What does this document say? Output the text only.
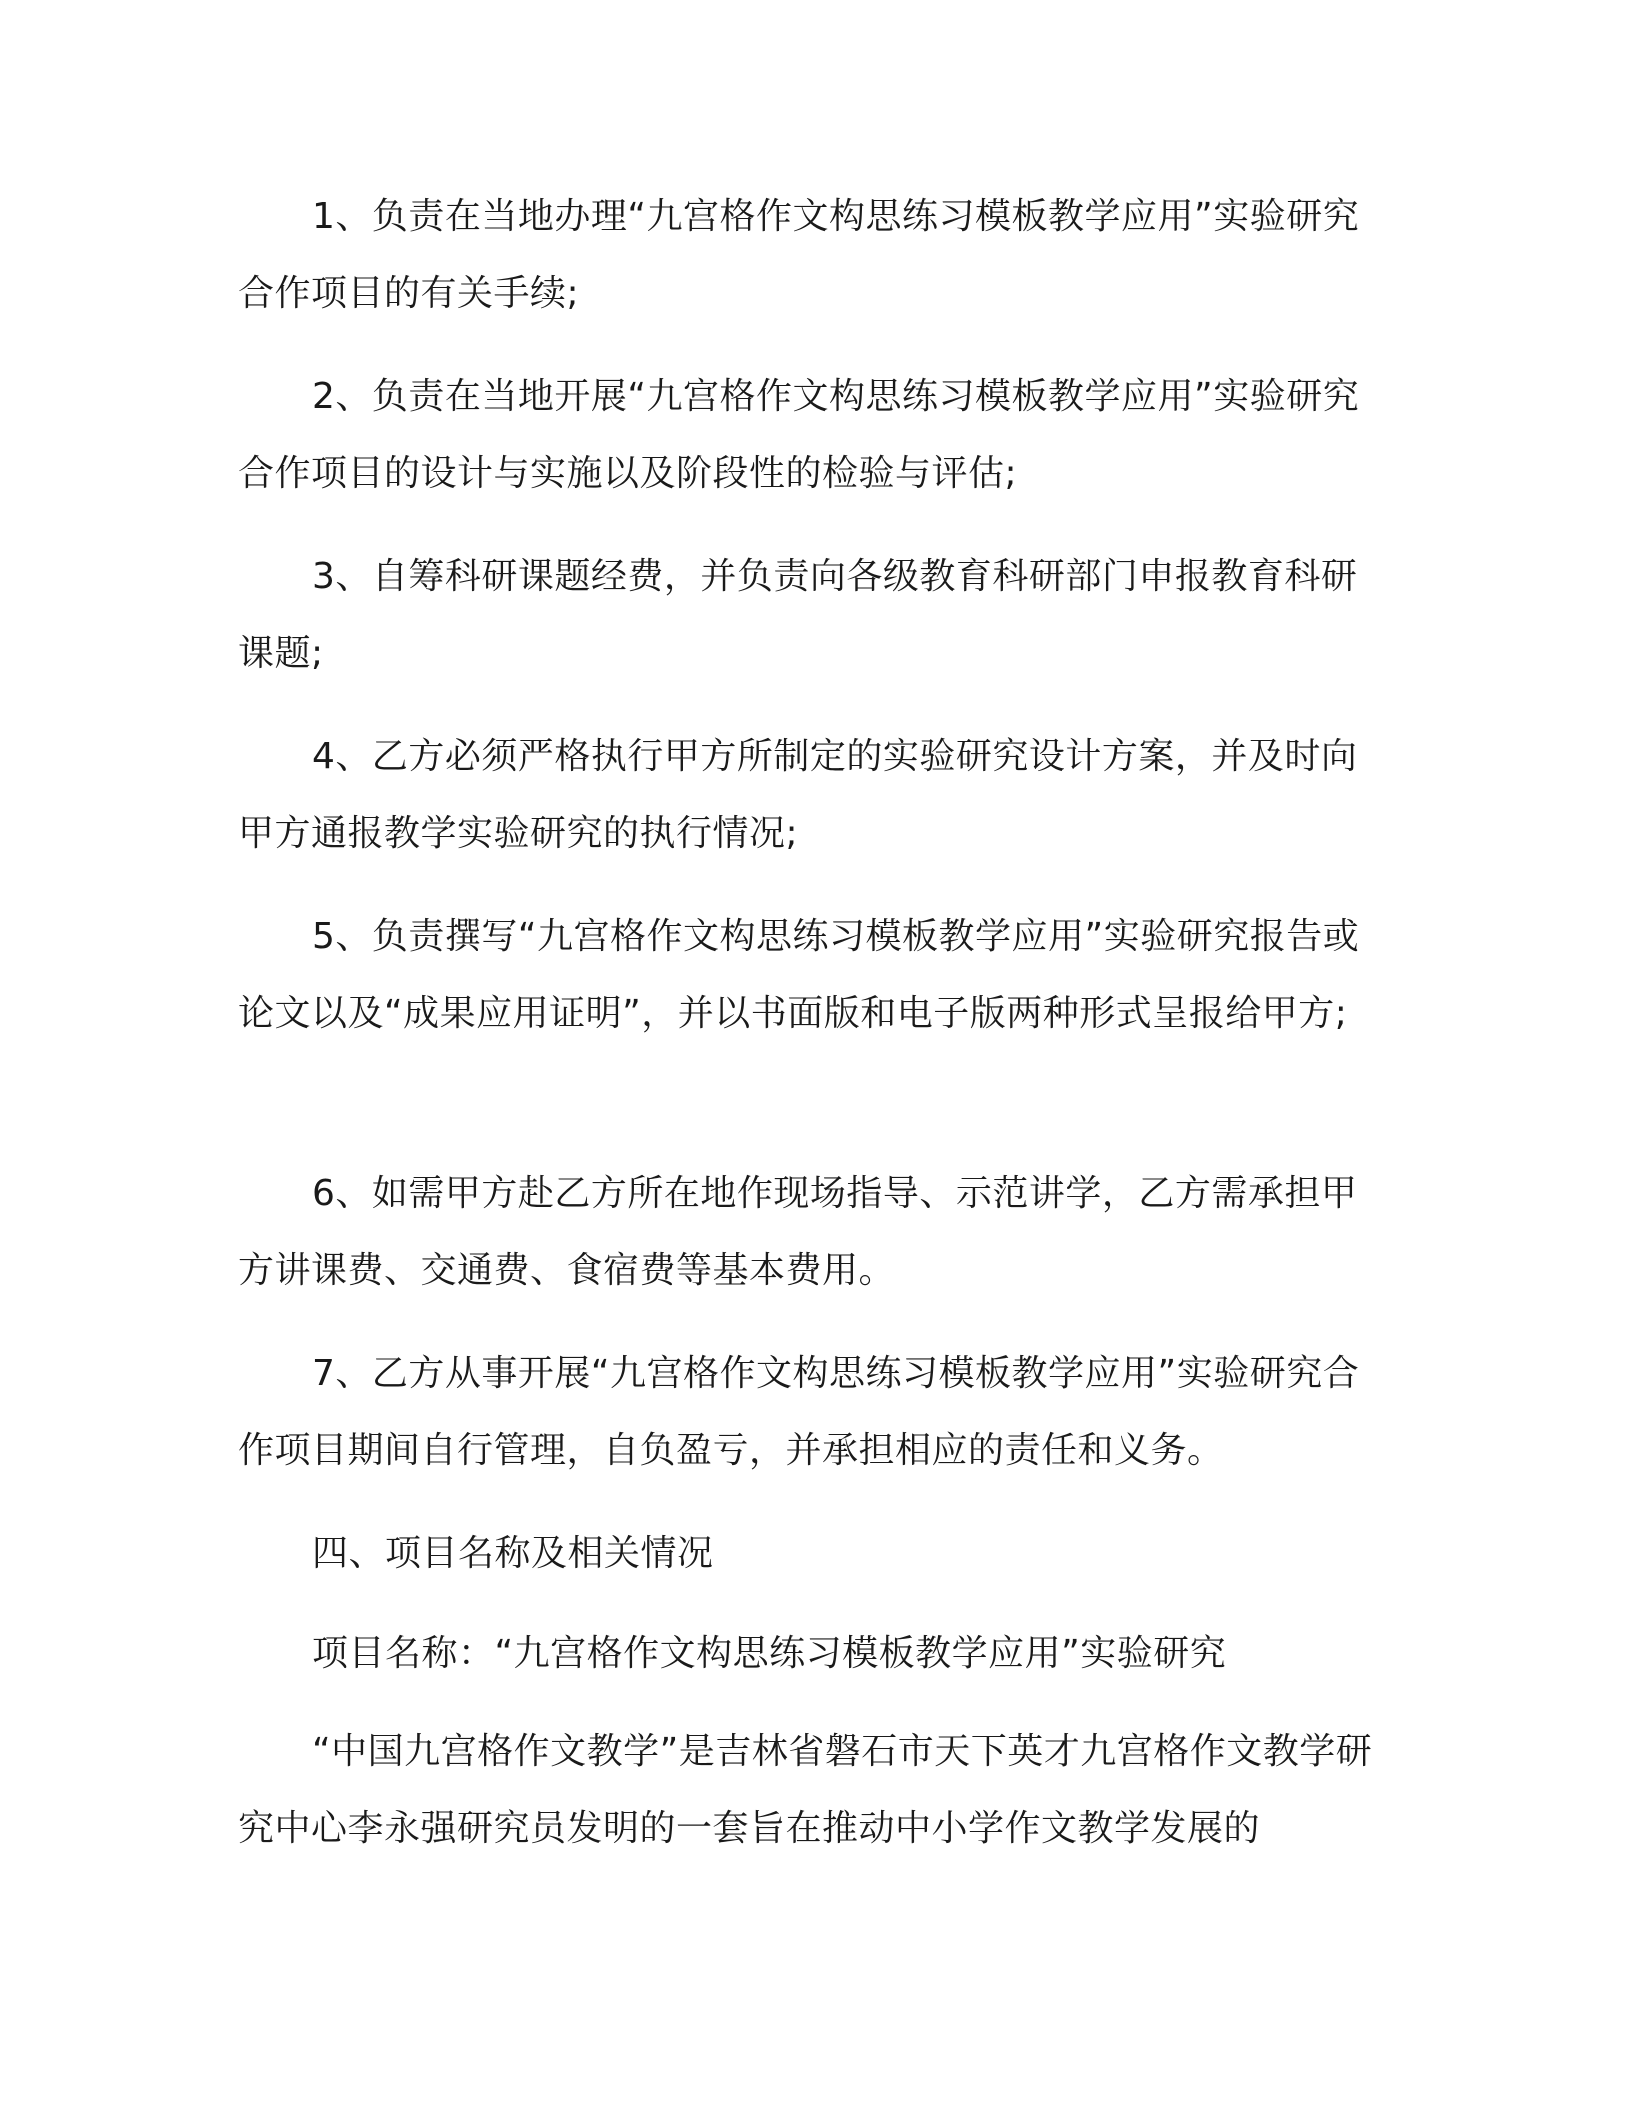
1、负责在当地办理“九宫格作文构思练习模板教学应用”实验研究合作项目的有关手续;

2、负责在当地开展“九宫格作文构思练习模板教学应用”实验研究合作项目的设计与实施以及阶段性的检验与评估;

3、自筹科研课题经费，并负责向各级教育科研部门申报教育科研课题;

4、乙方必须严格执行甲方所制定的实验研究设计方案，并及时向甲方通报教学实验研究的执行情况;

5、负责撰写“九宫格作文构思练习模板教学应用”实验研究报告或论文以及“成果应用证明”，并以书面版和电子版两种形式呈报给甲方;

6、如需甲方赴乙方所在地作现场指导、示范讲学，乙方需承担甲方讲课费、交通费、食宿费等基本费用。

7、乙方从事开展“九宫格作文构思练习模板教学应用”实验研究合作项目期间自行管理，自负盈亏，并承担相应的责任和义务。

四、项目名称及相关情况

项目名称：“九宫格作文构思练习模板教学应用”实验研究

“中国九宫格作文教学”是吉林省磐石市天下英才九宫格作文教学研究中心李永强研究员发明的一套旨在推动中小学作文教学发展的
